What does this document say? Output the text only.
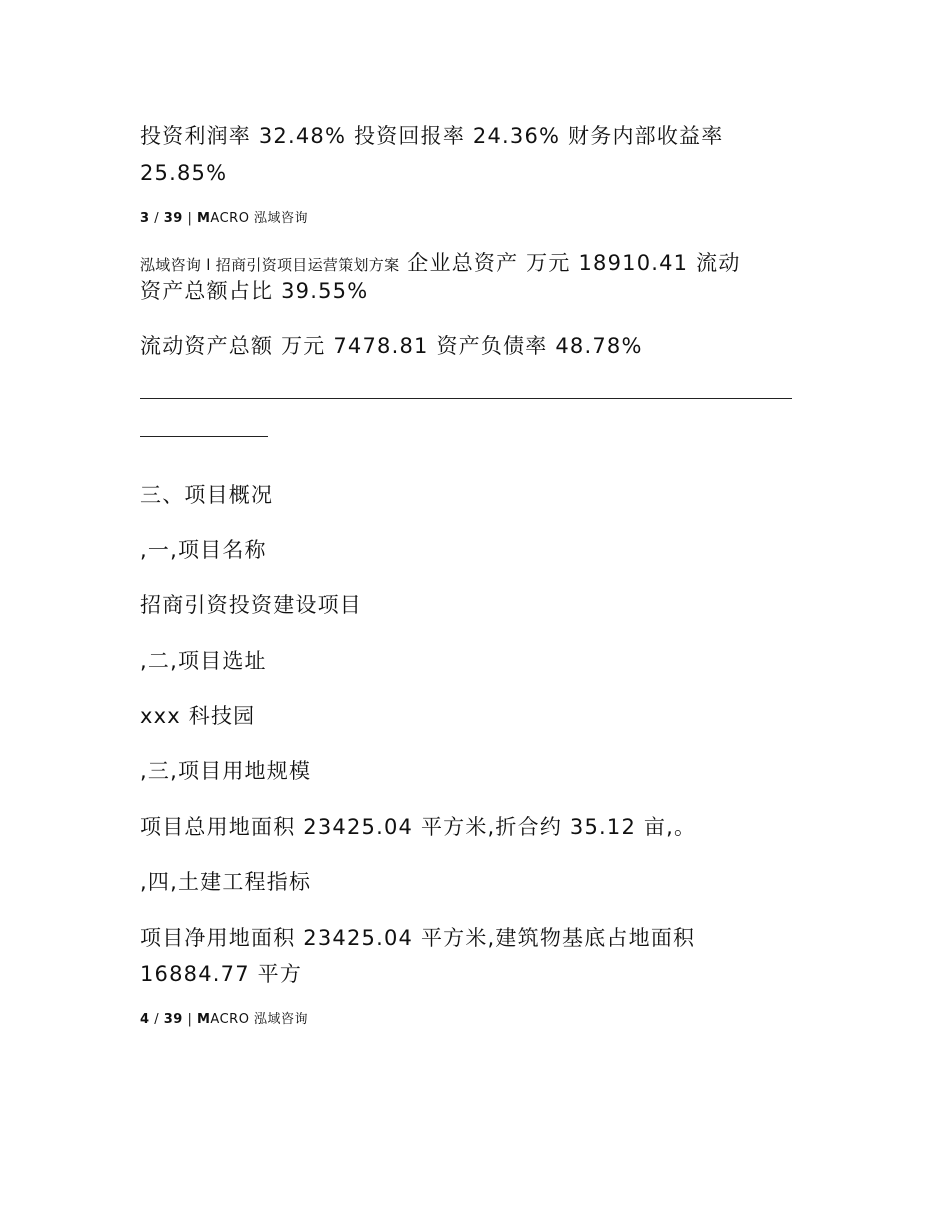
投资利润率 32.48% 投资回报率 24.36% 财务内部收益率
25.85%
3 / 39 | MACRO 泓域咨询
泓域咨询 l 招商引资项目运营策划方案 企业总资产 万元 18910.41 流动
资产总额占比 39.55%
流动资产总额 万元 7478.81 资产负债率 48.78%
三、项目概况
,一,项目名称
招商引资投资建设项目
,二,项目选址
xxx 科技园
,三,项目用地规模
项目总用地面积 23425.04 平方米,折合约 35.12 亩,。
,四,土建工程指标
项目净用地面积 23425.04 平方米,建筑物基底占地面积
16884.77 平方
4 / 39 | MACRO 泓域咨询
